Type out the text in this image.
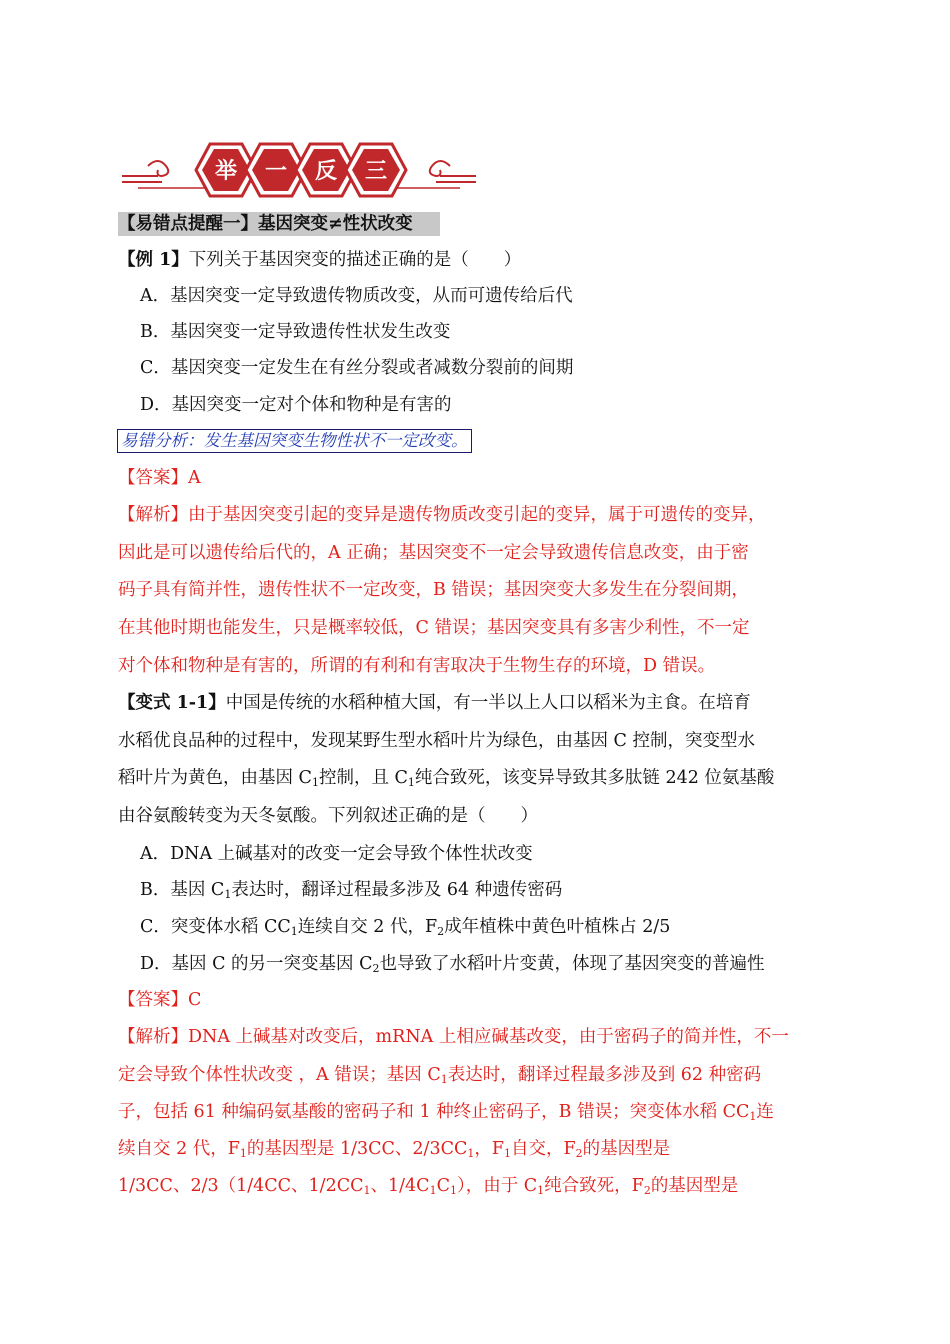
举 一 反 三
【易错点提醒一】基因突变≠性状改变
【例 1】下列关于基因突变的描述正确的是（　　）
A．基因突变一定导致遗传物质改变，从而可遗传给后代
B．基因突变一定导致遗传性状发生改变
C．基因突变一定发生在有丝分裂或者减数分裂前的间期
D．基因突变一定对个体和物种是有害的
易错分析：发生基因突变生物性状不一定改变。
【答案】A
【解析】由于基因突变引起的变异是遗传物质改变引起的变异，属于可遗传的变异，
因此是可以遗传给后代的，A 正确；基因突变不一定会导致遗传信息改变，由于密
码子具有简并性，遗传性状不一定改变，B 错误；基因突变大多发生在分裂间期，
在其他时期也能发生，只是概率较低，C 错误；基因突变具有多害少利性，不一定
对个体和物种是有害的，所谓的有利和有害取决于生物生存的环境，D 错误。
【变式 1-1】中国是传统的水稻种植大国，有一半以上人口以稻米为主食。在培育
水稻优良品种的过程中，发现某野生型水稻叶片为绿色，由基因 C 控制，突变型水
稻叶片为黄色，由基因 $C_1$控制，且 $C_1$纯合致死，该变异导致其多肽链 242 位氨基酸
由谷氨酸转变为天冬氨酸。下列叙述正确的是（　　）
A．DNA 上碱基对的改变一定会导致个体性状改变
B．基因 $C_1$表达时，翻译过程最多涉及 64 种遗传密码
C．突变体水稻 $CC_1$连续自交 2 代，$F_2$成年植株中黄色叶植株占 2/5
D．基因 C 的另一突变基因 $C_2$也导致了水稻叶片变黄，体现了基因突变的普遍性
【答案】C
【解析】DNA 上碱基对改变后，mRNA 上相应碱基改变，由于密码子的简并性，不一
定会导致个体性状改变 ，A 错误；基因 $C_1$表达时，翻译过程最多涉及到 62 种密码
子，包括 61 种编码氨基酸的密码子和 1 种终止密码子，B 错误；突变体水稻 $CC_1$连
续自交 2 代，$F_1$的基因型是 1/3CC、$2/3CC_1$，$F_1$自交，$F_2$的基因型是
1/3CC、2/3（1/4CC、$1/2CC_1$、$1/4C_1C_1$），由于 $C_1$纯合致死，$F_2$的基因型是
